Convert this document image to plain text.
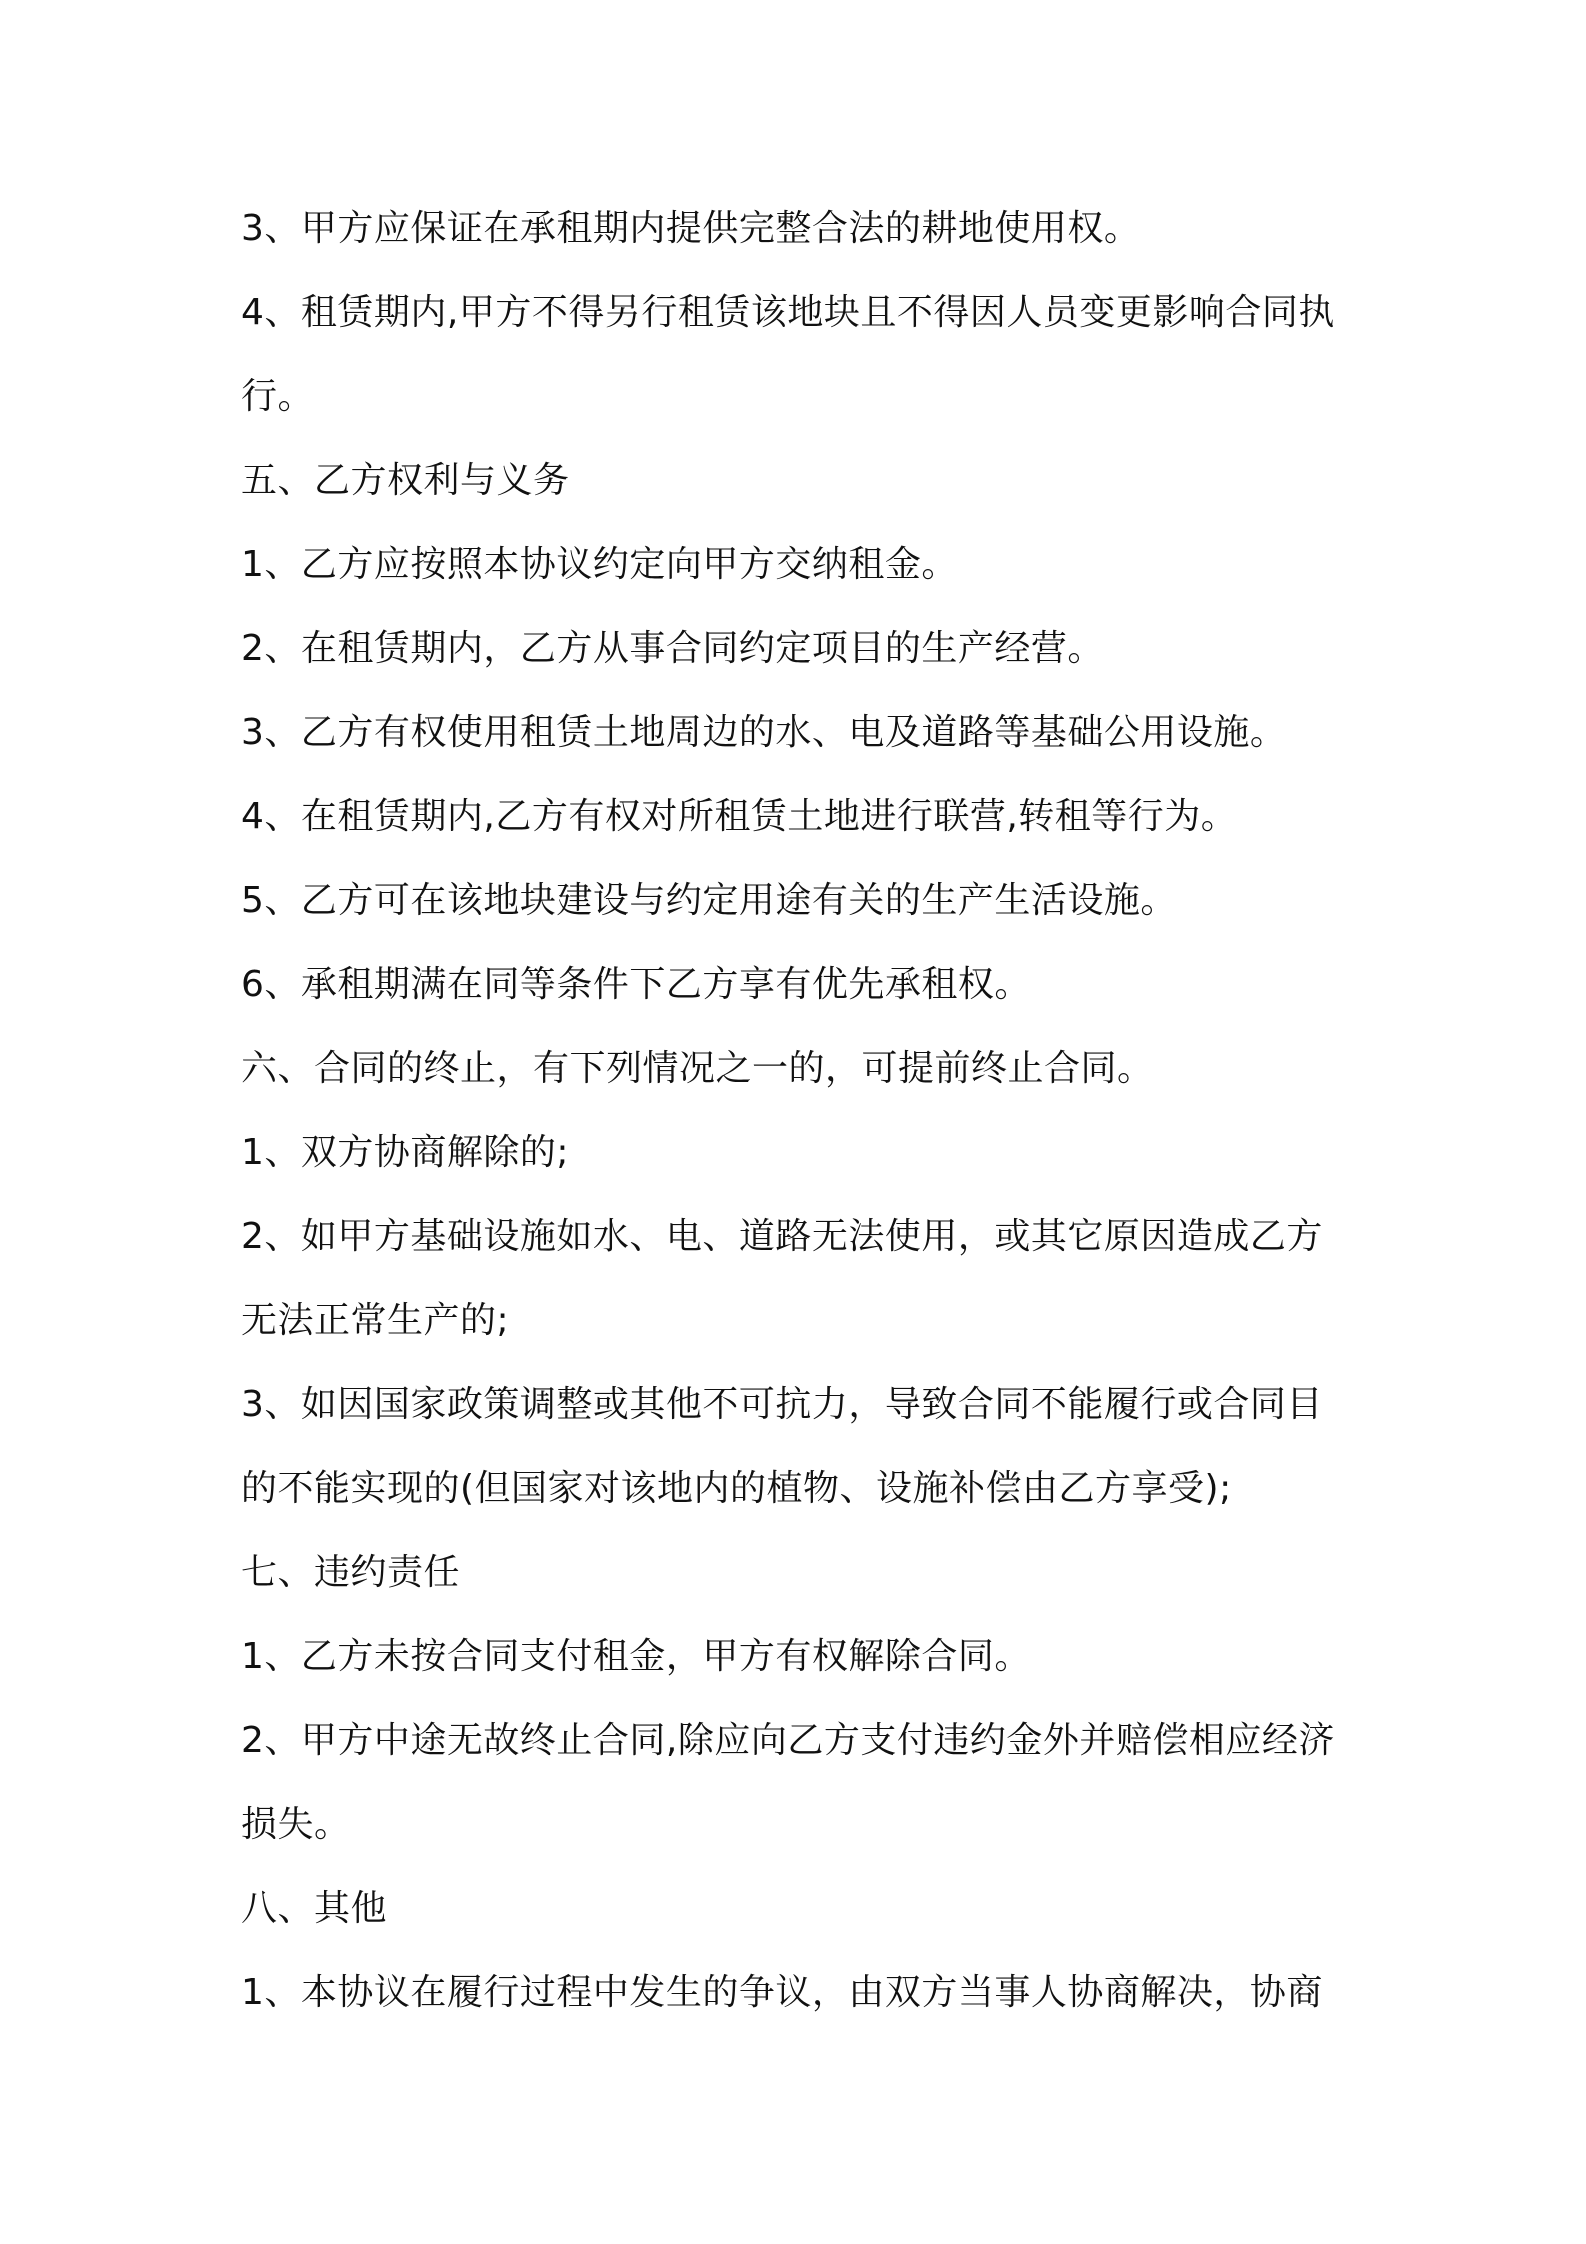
3、甲方应保证在承租期内提供完整合法的耕地使用权。

4、租赁期内,甲方不得另行租赁该地块且不得因人员变更影响合同执

行。

五、乙方权利与义务

1、乙方应按照本协议约定向甲方交纳租金。

2、在租赁期内，乙方从事合同约定项目的生产经营。

3、乙方有权使用租赁土地周边的水、电及道路等基础公用设施。

4、在租赁期内,乙方有权对所租赁土地进行联营,转租等行为。

5、乙方可在该地块建设与约定用途有关的生产生活设施。

6、承租期满在同等条件下乙方享有优先承租权。

六、合同的终止，有下列情况之一的，可提前终止合同。

1、双方协商解除的;

2、如甲方基础设施如水、电、道路无法使用，或其它原因造成乙方

无法正常生产的;

3、如因国家政策调整或其他不可抗力，导致合同不能履行或合同目

的不能实现的(但国家对该地内的植物、设施补偿由乙方享受);

七、违约责任

1、乙方未按合同支付租金，甲方有权解除合同。

2、甲方中途无故终止合同,除应向乙方支付违约金外并赔偿相应经济

损失。

八、其他

1、本协议在履行过程中发生的争议，由双方当事人协商解决，协商
